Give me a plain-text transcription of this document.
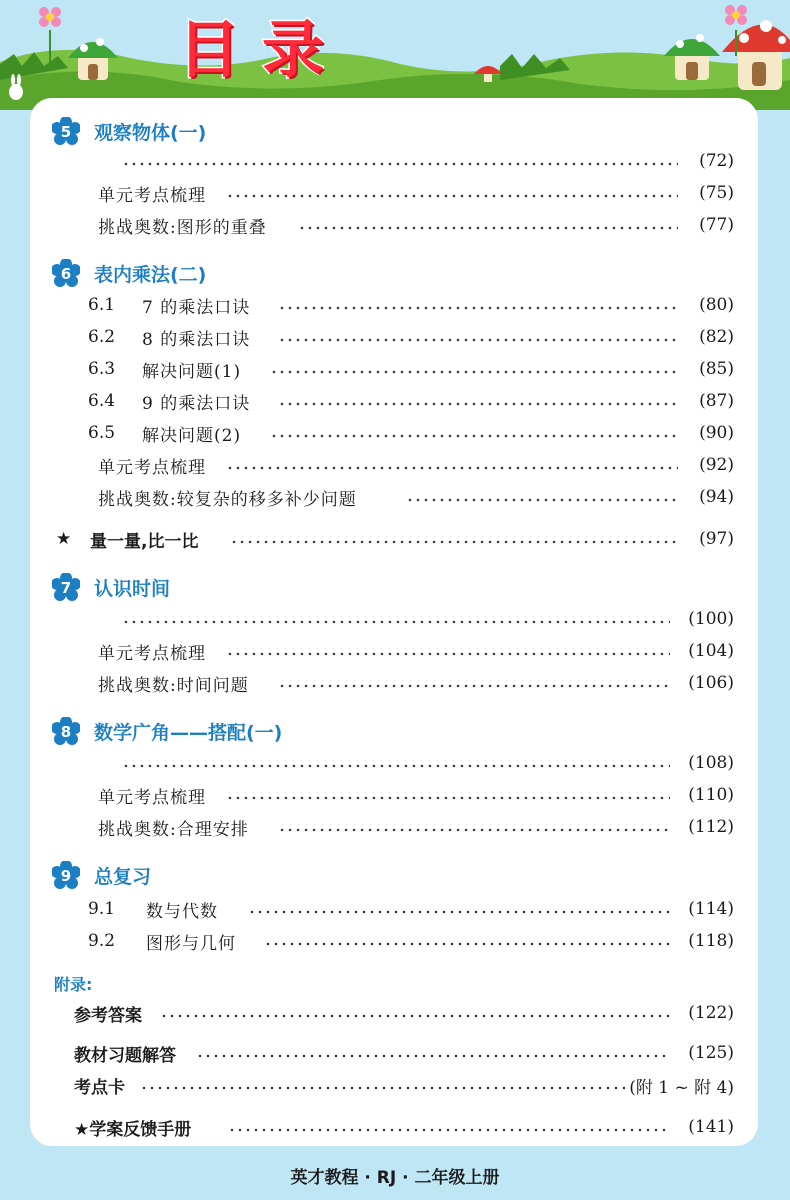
目录
5 观察物体(一)
(72)
单元考点梳理	(75)
挑战奥数:图形的重叠	(77)
6 表内乘法(二)
6.1 7 的乘法口诀	(80)
6.2 8 的乘法口诀	(82)
6.3 解决问题(1)	(85)
6.4 9 的乘法口诀	(87)
6.5 解决问题(2)	(90)
单元考点梳理	(92)
挑战奥数:较复杂的移多补少问题	(94)
★ 量一量,比一比	(97)
7 认识时间
(100)
单元考点梳理	(104)
挑战奥数:时间问题	(106)
8 数学广角——搭配(一)
(108)
单元考点梳理	(110)
挑战奥数:合理安排	(112)
9 总复习
9.1 数与代数	(114)
9.2 图形与几何	(118)
附录:
参考答案	(122)
教材习题解答	(125)
考点卡	(附 1 ~ 附 4)
★学案反馈手册	(141)
英才教程 · RJ · 二年级上册
